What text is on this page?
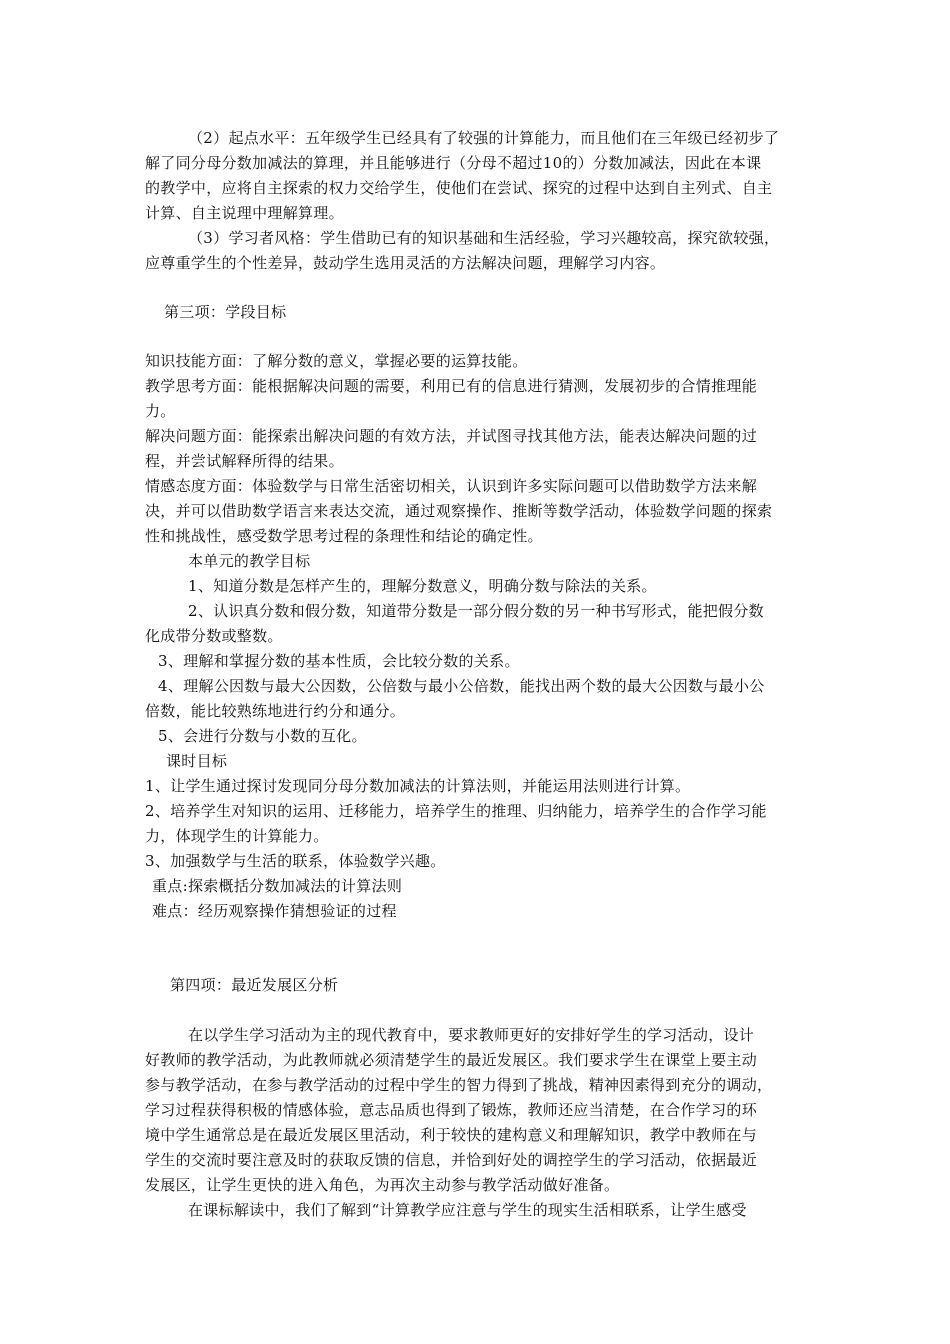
（2）起点水平：五年级学生已经具有了较强的计算能力，而且他们在三年级已经初步了
解了同分母分数加减法的算理，并且能够进行（分母不超过10的）分数加减法，因此在本课
的教学中，应将自主探索的权力交给学生，使他们在尝试、探究的过程中达到自主列式、自主
计算、自主说理中理解算理。
（3）学习者风格：学生借助已有的知识基础和生活经验，学习兴趣较高，探究欲较强，
应尊重学生的个性差异，鼓动学生选用灵活的方法解决问题，理解学习内容。
第三项：学段目标
知识技能方面：了解分数的意义，掌握必要的运算技能。
教学思考方面：能根据解决问题的需要，利用已有的信息进行猜测，发展初步的合情推理能
力。
解决问题方面：能探索出解决问题的有效方法，并试图寻找其他方法，能表达解决问题的过
程，并尝试解释所得的结果。
情感态度方面：体验数学与日常生活密切相关，认识到许多实际问题可以借助数学方法来解
决，并可以借助数学语言来表达交流，通过观察操作、推断等数学活动，体验数学问题的探索
性和挑战性，感受数学思考过程的条理性和结论的确定性。
本单元的教学目标
1、知道分数是怎样产生的，理解分数意义，明确分数与除法的关系。
2、认识真分数和假分数，知道带分数是一部分假分数的另一种书写形式，能把假分数
化成带分数或整数。
3、理解和掌握分数的基本性质，会比较分数的关系。
4、理解公因数与最大公因数，公倍数与最小公倍数，能找出两个数的最大公因数与最小公
倍数，能比较熟练地进行约分和通分。
5、会进行分数与小数的互化。
课时目标
1、让学生通过探讨发现同分母分数加减法的计算法则，并能运用法则进行计算。
2、培养学生对知识的运用、迁移能力，培养学生的推理、归纳能力，培养学生的合作学习能
力，体现学生的计算能力。
3、加强数学与生活的联系，体验数学兴趣。
重点:探索概括分数加减法的计算法则
难点：经历观察操作猜想验证的过程
第四项：最近发展区分析
在以学生学习活动为主的现代教育中，要求教师更好的安排好学生的学习活动，设计
好教师的教学活动，为此教师就必须清楚学生的最近发展区。我们要求学生在课堂上要主动
参与教学活动，在参与教学活动的过程中学生的智力得到了挑战，精神因素得到充分的调动，
学习过程获得积极的情感体验，意志品质也得到了锻炼，教师还应当清楚，在合作学习的环
境中学生通常总是在最近发展区里活动，利于较快的建构意义和理解知识，教学中教师在与
学生的交流时要注意及时的获取反馈的信息，并恰到好处的调控学生的学习活动，依据最近
发展区，让学生更快的进入角色，为再次主动参与教学活动做好准备。
在课标解读中，我们了解到“计算教学应注意与学生的现实生活相联系，让学生感受
